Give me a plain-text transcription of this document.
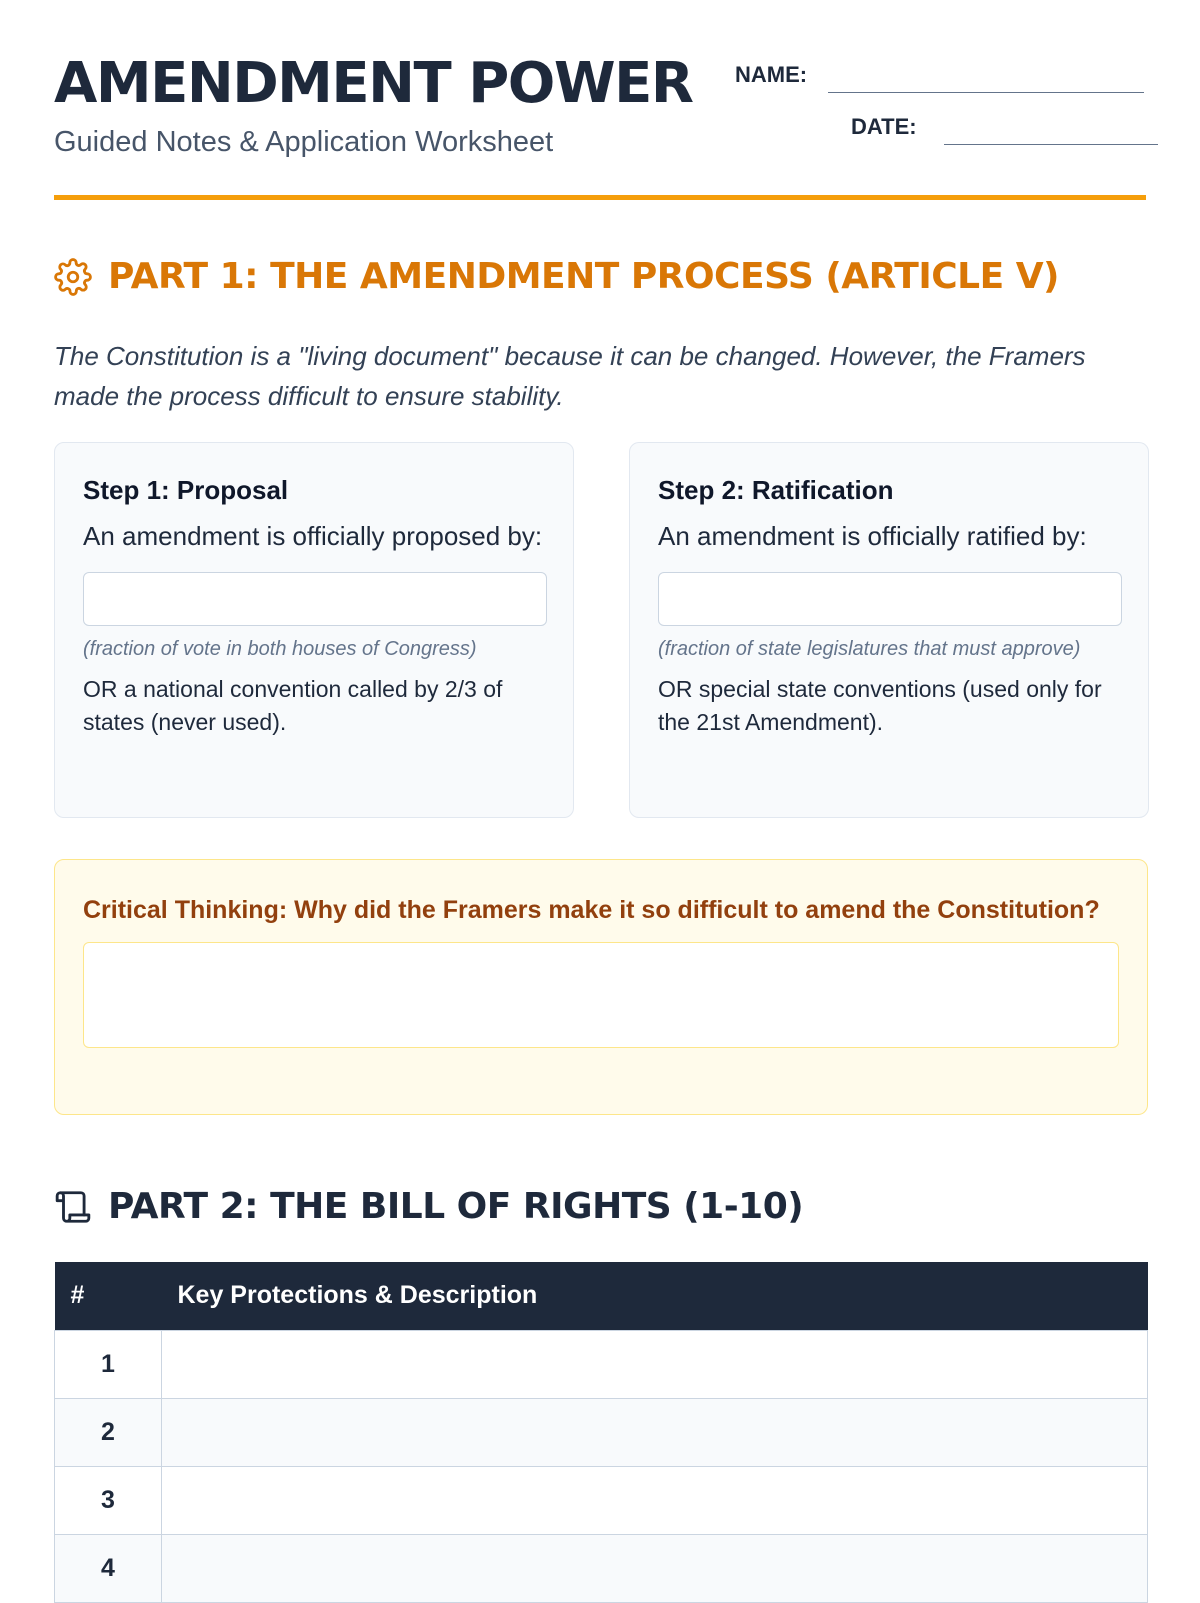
AMENDMENT POWER
Guided Notes & Application Worksheet
NAME:
DATE:
PART 1: THE AMENDMENT PROCESS (ARTICLE V)
The Constitution is a "living document" because it can be changed. However, the Framers made the process difficult to ensure stability.
Step 1: Proposal
An amendment is officially proposed by:
(fraction of vote in both houses of Congress)
OR a national convention called by 2/3 of states (never used).
Step 2: Ratification
An amendment is officially ratified by:
(fraction of state legislatures that must approve)
OR special state conventions (used only for the 21st Amendment).
Critical Thinking: Why did the Framers make it so difficult to amend the Constitution?
PART 2: THE BILL OF RIGHTS (1-10)
#	Key Protections & Description
1	
2	
3	
4	
